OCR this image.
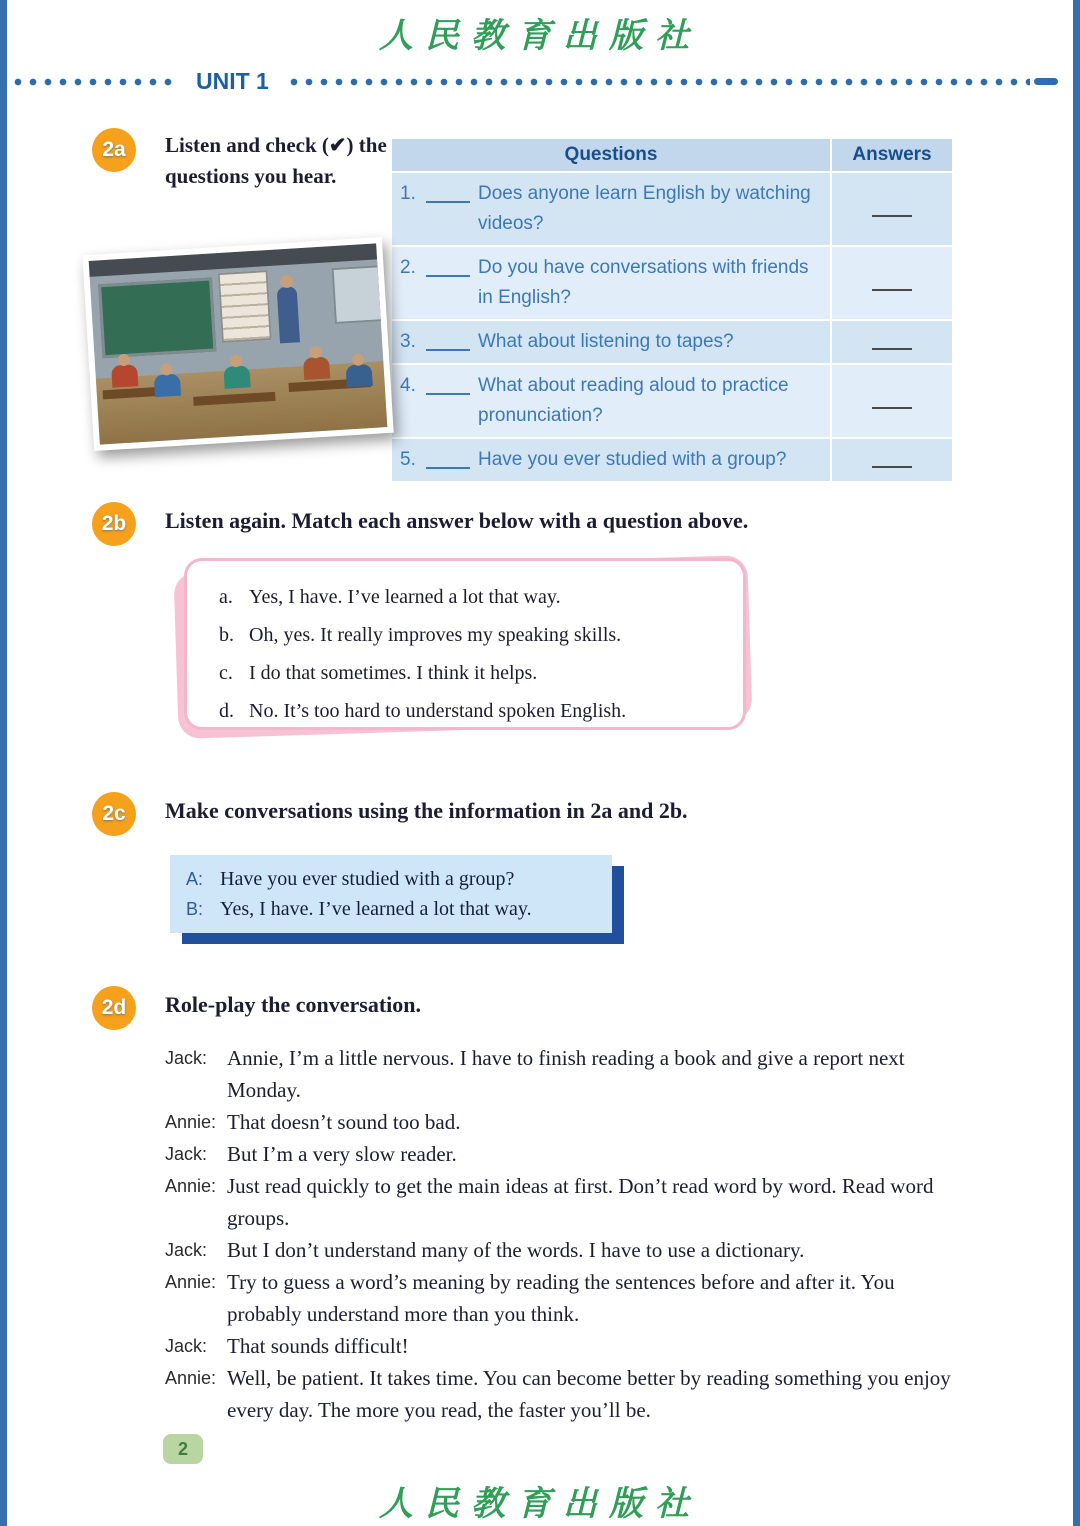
人民教育出版社
UNIT 1
2a	Listen and check (✔) the questions you hear.
Questions	Answers

1. Does anyone learn English by watching videos?	

2. Do you have conversations with friends in English?	

3. What about listening to tapes?	

4. What about reading aloud to practice pronunciation?	

5. Have you ever studied with a group?	

2b	Listen again. Match each answer below with a question above.
a. Yes, I have. I’ve learned a lot that way.
b. Oh, yes. It really improves my speaking skills.
c. I do that sometimes. I think it helps.
d. No. It’s too hard to understand spoken English.
2c	Make conversations using the information in 2a and 2b.
A: Have you ever studied with a group?
B: Yes, I have. I’ve learned a lot that way.
2d	Role-play the conversation.
Jack: Annie, I’m a little nervous. I have to finish reading a book and give a report next Monday.
Annie: That doesn’t sound too bad.
Jack: But I’m a very slow reader.
Annie: Just read quickly to get the main ideas at first. Don’t read word by word. Read word groups.
Jack: But I don’t understand many of the words. I have to use a dictionary.
Annie: Try to guess a word’s meaning by reading the sentences before and after it. You probably understand more than you think.
Jack: That sounds difficult!
Annie: Well, be patient. It takes time. You can become better by reading something you enjoy every day. The more you read, the faster you’ll be.
2
人民教育出版社
